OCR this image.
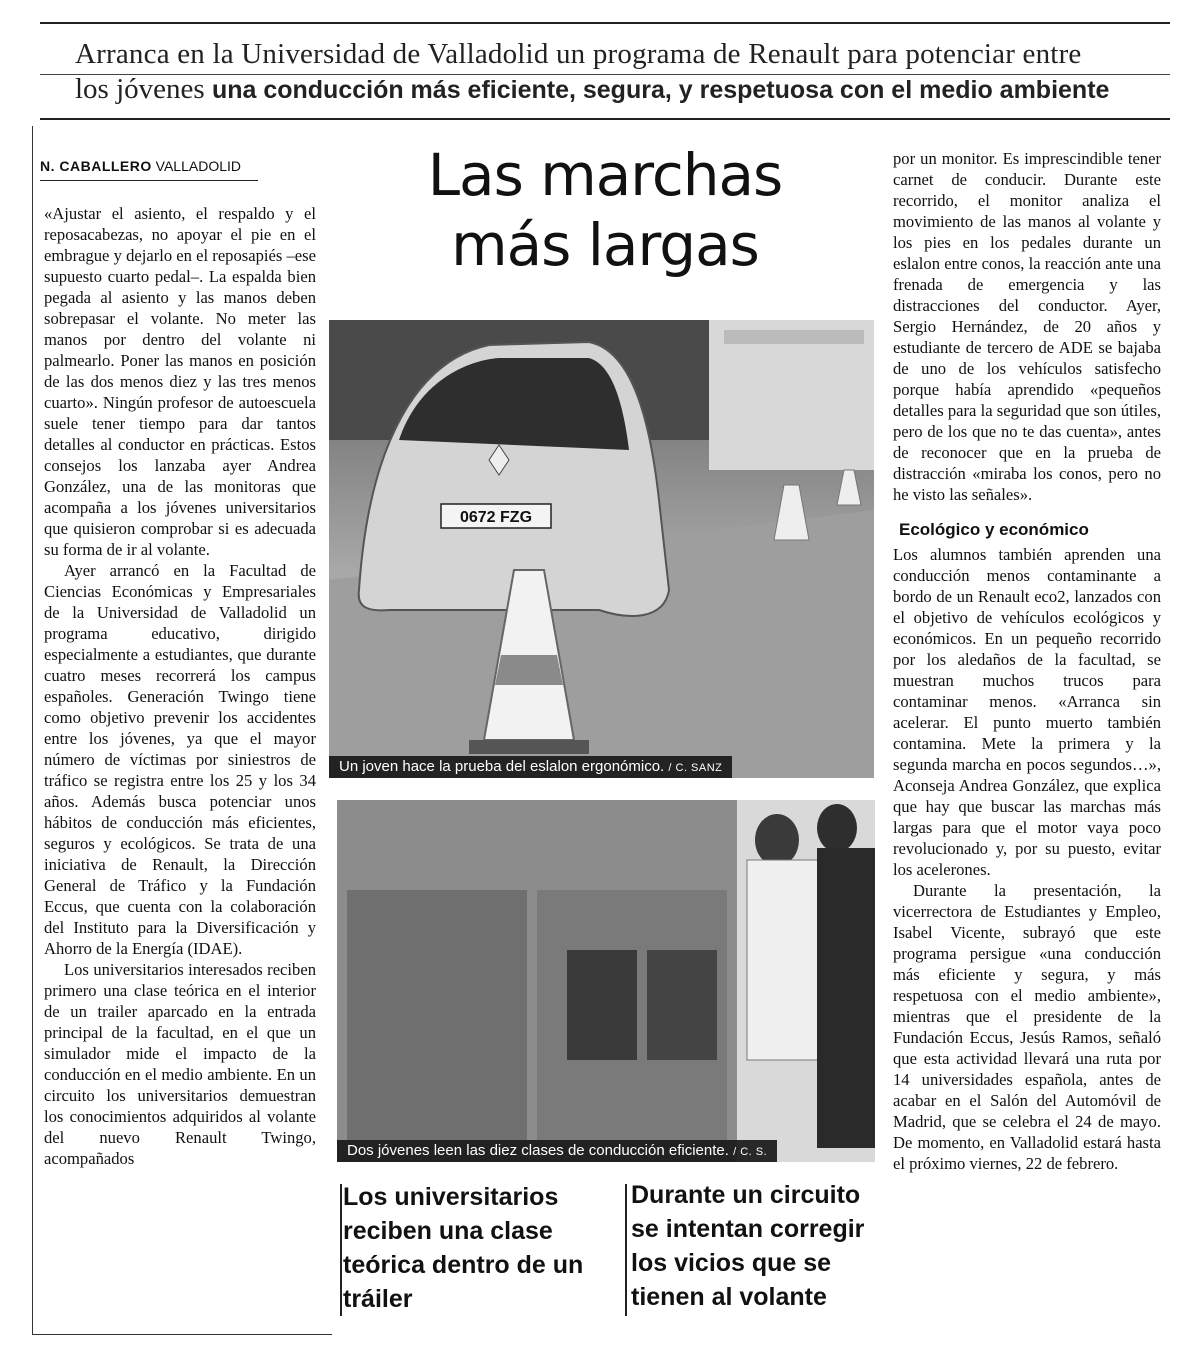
Arranca en la Universidad de Valladolid un programa de Renault para potenciar entre
los jóvenes una conducción más eficiente, segura, y respetuosa con el medio ambiente
N. CABALLERO VALLADOLID

«Ajustar el asiento, el respaldo y el reposacabezas, no apoyar el pie en el embrague y dejarlo en el reposapiés –ese supuesto cuarto pedal–. La espalda bien pegada al asiento y las manos deben sobrepasar el volante. No meter las manos por dentro del volante ni palmearlo. Poner las manos en posición de las dos menos diez y las tres menos cuarto». Ningún profesor de autoescuela suele tener tiempo para dar tantos detalles al conductor en prácticas. Estos consejos los lanzaba ayer Andrea González, una de las monitoras que acompaña a los jóvenes universitarios que quisieron comprobar si es adecuada su forma de ir al volante.

Ayer arrancó en la Facultad de Ciencias Económicas y Empresariales de la Universidad de Valladolid un programa educativo, dirigido especialmente a estudiantes, que durante cuatro meses recorrerá los campus españoles. Generación Twingo tiene como objetivo prevenir los accidentes entre los jóvenes, ya que el mayor número de víctimas por siniestros de tráfico se registra entre los 25 y los 34 años. Además busca potenciar unos hábitos de conducción más eficientes, seguros y ecológicos. Se trata de una iniciativa de Renault, la Dirección General de Tráfico y la Fundación Eccus, que cuenta con la colaboración del Instituto para la Diversificación y Ahorro de la Energía (IDAE).

Los universitarios interesados reciben primero una clase teórica en el interior de un trailer aparcado en la entrada principal de la facultad, en el que un simulador mide el impacto de la conducción en el medio ambiente. En un circuito los universitarios demuestran los conocimientos adquiridos al volante del nuevo Renault Twingo, acompañados

Las marchas
más largas
0672 FZG
Un joven hace la prueba del eslalon ergonómico. / C. SANZ
Dos jóvenes leen las diez clases de conducción eficiente. / C. S.
Los universitarios reciben una clase teórica dentro de un tráiler
Durante un circuito se intentan corregir los vicios que se tienen al volante

por un monitor. Es imprescindible tener carnet de conducir. Durante este recorrido, el monitor analiza el movimiento de las manos al volante y los pies en los pedales durante un eslalon entre conos, la reacción ante una frenada de emergencia y las distracciones del conductor. Ayer, Sergio Hernández, de 20 años y estudiante de tercero de ADE se bajaba de uno de los vehículos satisfecho porque había aprendido «pequeños detalles para la seguridad que son útiles, pero de los que no te das cuenta», antes de reconocer que en la prueba de distracción «miraba los conos, pero no he visto las señales».

Ecológico y económico

Los alumnos también aprenden una conducción menos contaminante a bordo de un Renault eco2, lanzados con el objetivo de vehículos ecológicos y económicos. En un pequeño recorrido por los aledaños de la facultad, se muestran muchos trucos para contaminar menos. «Arranca sin acelerar. El punto muerto también contamina. Mete la primera y la segunda marcha en pocos segundos…», Aconseja Andrea González, que explica que hay que buscar las marchas más largas para que el motor vaya poco revolucionado y, por su puesto, evitar los acelerones.

Durante la presentación, la vicerrectora de Estudiantes y Empleo, Isabel Vicente, subrayó que este programa persigue «una conducción más eficiente y segura, y más respetuosa con el medio ambiente», mientras que el presidente de la Fundación Eccus, Jesús Ramos, señaló que esta actividad llevará una ruta por 14 universidades española, antes de acabar en el Salón del Automóvil de Madrid, que se celebra el 24 de mayo. De momento, en Valladolid estará hasta el próximo viernes, 22 de febrero.
